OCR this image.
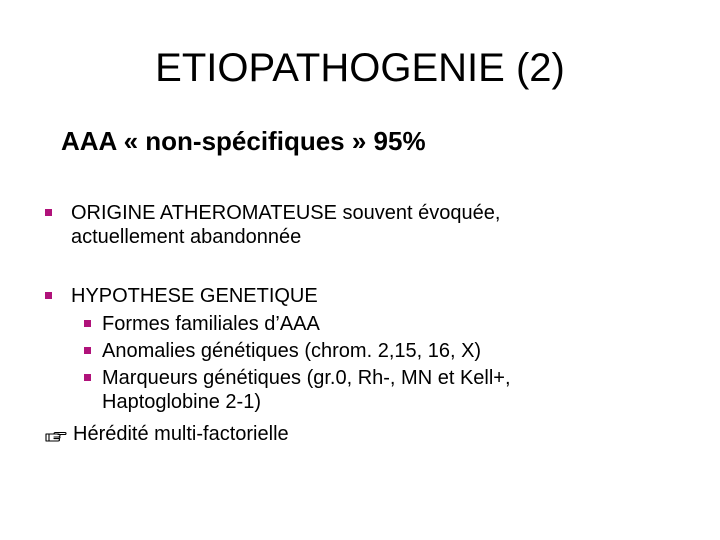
ETIOPATHOGENIE (2)
AAA « non-spécifiques » 95%
ORIGINE ATHEROMATEUSE souvent évoquée,
actuellement abandonnée
HYPOTHESE GENETIQUE
Formes familiales d’AAA
Anomalies génétiques (chrom. 2,15, 16, X)
Marqueurs génétiques (gr.0, Rh-, MN et Kell+,
Haptoglobine 2-1)
Hérédité multi-factorielle
